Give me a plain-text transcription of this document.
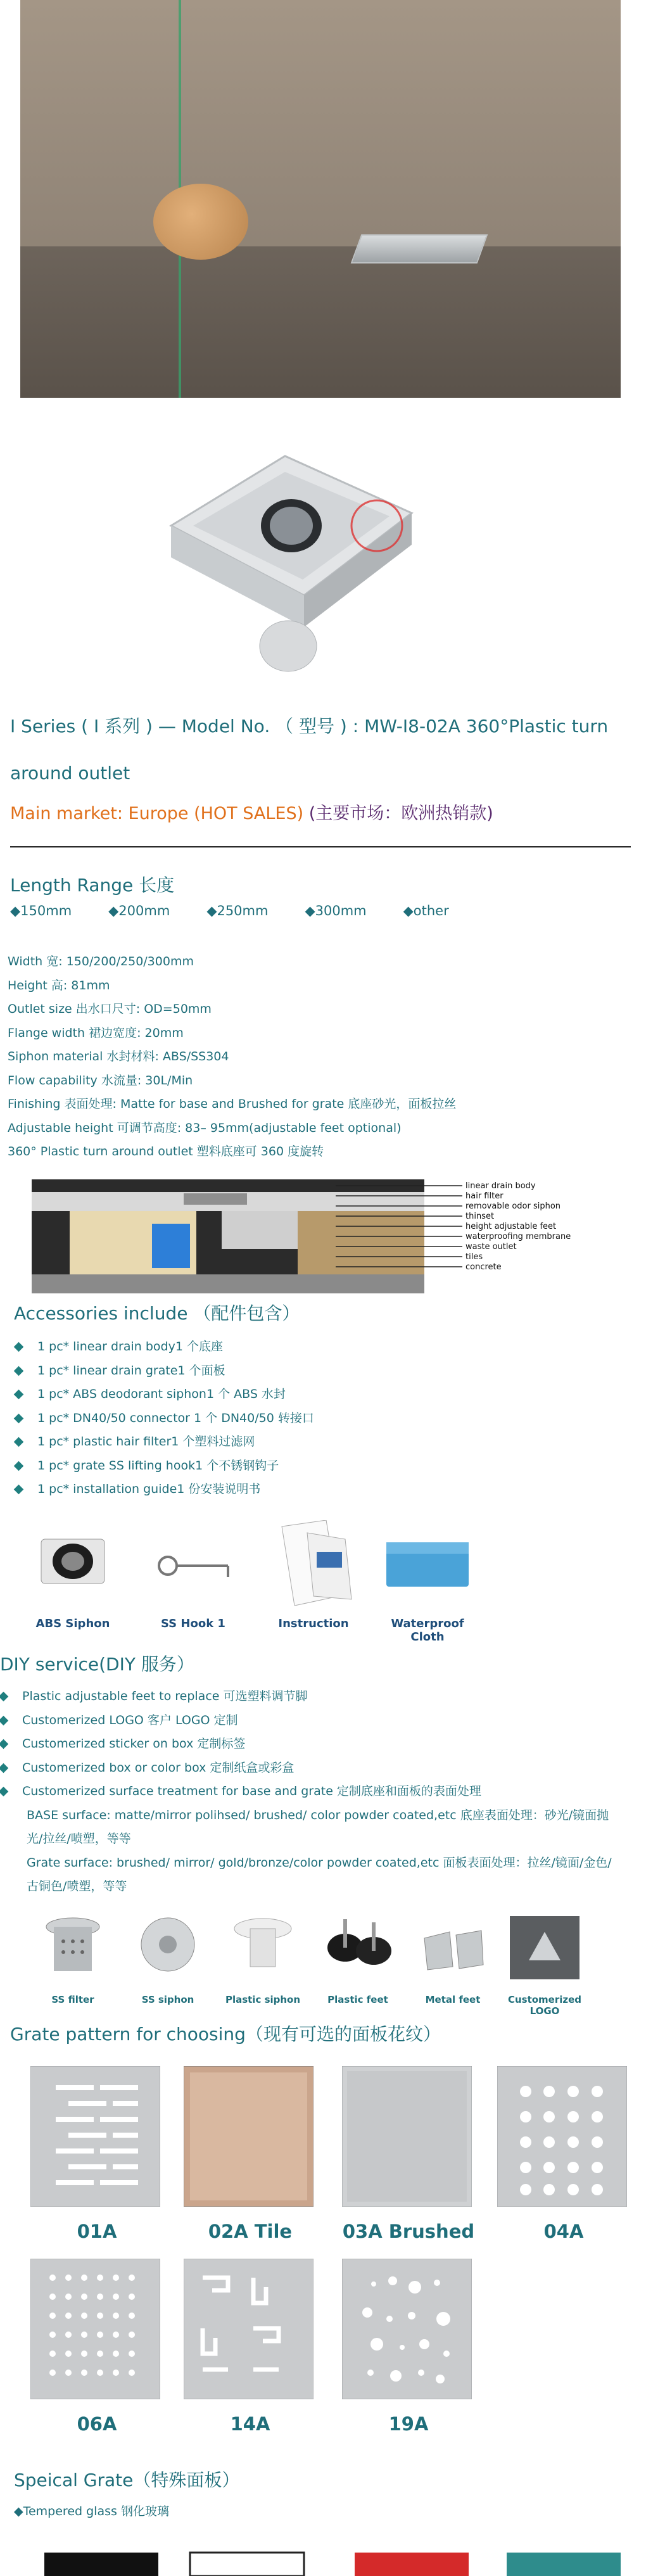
I Series ( I 系列 ) — Model No. （ 型号 ) : MW-I8-02A 360°Plastic turn
around outlet
Main market: Europe (HOT SALES) (主要市场：欧洲热销款)
Length Range 长度
◆150mm	◆200mm	◆250mm	◆300mm	◆other
Width 宽: 150/200/250/300mm
Height 高: 81mm
Outlet size 出水口尺寸: OD=50mm
Flange width 裙边宽度: 20mm
Siphon material 水封材料: ABS/SS304
Flow capability 水流量: 30L/Min
Finishing 表面处理: Matte for base and Brushed for grate 底座砂光，面板拉丝
Adjustable height 可调节高度: 83– 95mm(adjustable feet optional)
360° Plastic turn around outlet 塑料底座可 360 度旋转
linear drain body
hair filter
removable odor siphon
thinset
height adjustable feet
waterproofing membrane
waste outlet
tiles
concrete
Accessories include （配件包含）
1 pc* linear drain body1 个底座
1 pc* linear drain grate1 个面板
1 pc* ABS deodorant siphon1 个 ABS 水封
1 pc* DN40/50 connector 1 个 DN40/50 转接口
1 pc* plastic hair filter1 个塑料过滤网
1 pc* grate SS lifting hook1 个不锈钢钩子
1 pc* installation guide1 份安装说明书
ABS Siphon	SS Hook 1	Instruction	Waterproof Cloth
DIY service(DIY 服务）
Plastic adjustable feet to replace 可选塑料调节脚
Customerized LOGO 客户 LOGO 定制
Customerized sticker on box 定制标签
Customerized box or color box 定制纸盒或彩盒
Customerized surface treatment for base and grate 定制底座和面板的表面处理
BASE surface: matte/mirror polihsed/ brushed/ color powder coated,etc 底座表面处理：砂光/镜面抛
光/拉丝/喷塑，等等
Grate surface: brushed/ mirror/ gold/bronze/color powder coated,etc 面板表面处理：拉丝/镜面/金色/
古铜色/喷塑，等等
SS filter	SS siphon	Plastic siphon	Plastic feet	Metal feet	Customerized LOGO
Grate pattern for choosing（现有可选的面板花纹）
01A	02A Tile	03A Brushed	04A
06A	14A	19A
Speical Grate（特殊面板）
◆Tempered glass 钢化玻璃
